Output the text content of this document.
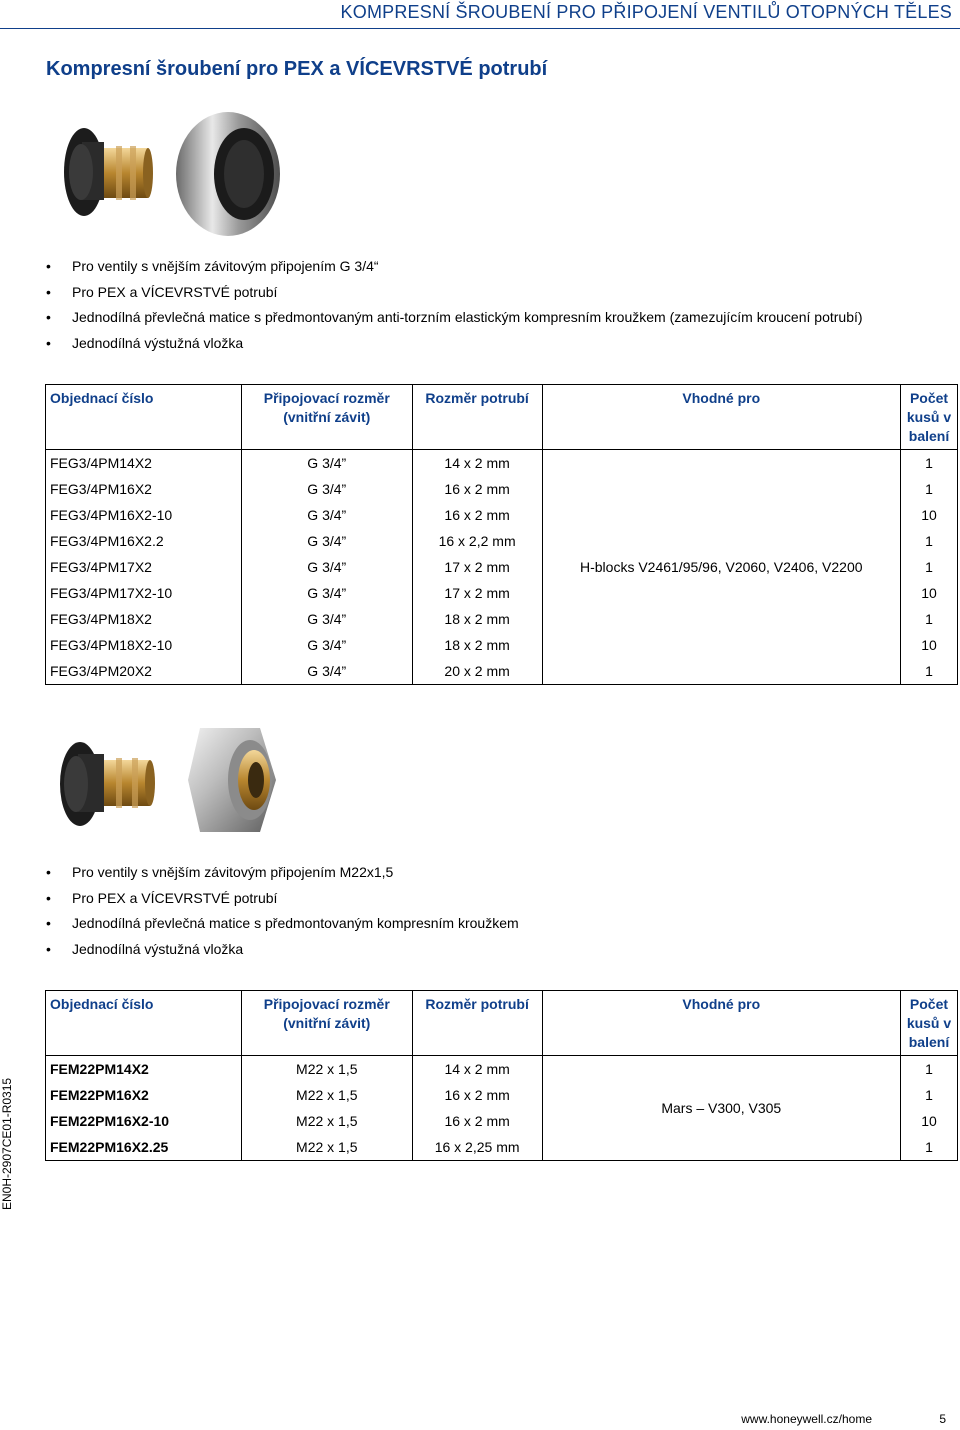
KOMPRESNÍ ŠROUBENÍ PRO PŘIPOJENÍ VENTILŮ OTOPNÝCH TĚLES
Kompresní šroubení pro PEX a VÍCEVRSTVÉ potrubí
• Pro ventily s vnějším závitovým připojením G 3/4“
• Pro PEX a VÍCEVRSTVÉ potrubí
• Jednodílná převlečná matice s předmontovaným anti-torzním elastickým kompresním kroužkem (zamezujícím kroucení potrubí)
• Jednodílná výstužná vložka
Objednací číslo	Připojovací rozměr (vnitřní závit)	Rozměr potrubí	Vhodné pro	Počet kusů v balení
FEG3/4PM14X2	G 3/4”	14 x 2 mm	H-blocks V2461/95/96, V2060, V2406, V2200	1
FEG3/4PM16X2	G 3/4”	16 x 2 mm		1
FEG3/4PM16X2-10	G 3/4”	16 x 2 mm		10
FEG3/4PM16X2.2	G 3/4”	16 x 2,2 mm		1
FEG3/4PM17X2	G 3/4”	17 x 2 mm		1
FEG3/4PM17X2-10	G 3/4”	17 x 2 mm		10
FEG3/4PM18X2	G 3/4”	18 x 2 mm		1
FEG3/4PM18X2-10	G 3/4”	18 x 2 mm		10
FEG3/4PM20X2	G 3/4”	20 x 2 mm		1
• Pro ventily s vnějším závitovým připojením M22x1,5
• Pro PEX a VÍCEVRSTVÉ potrubí
• Jednodílná převlečná matice s předmontovaným kompresním kroužkem
• Jednodílná výstužná vložka
Objednací číslo	Připojovací rozměr (vnitřní závit)	Rozměr potrubí	Vhodné pro	Počet kusů v balení
FEM22PM14X2	M22 x 1,5	14 x 2 mm	Mars – V300, V305	1
FEM22PM16X2	M22 x 1,5	16 x 2 mm		1
FEM22PM16X2-10	M22 x 1,5	16 x 2 mm		10
FEM22PM16X2.25	M22 x 1,5	16 x 2,25 mm		1
EN0H-2907CE01-R0315
www.honeywell.cz/home	5
